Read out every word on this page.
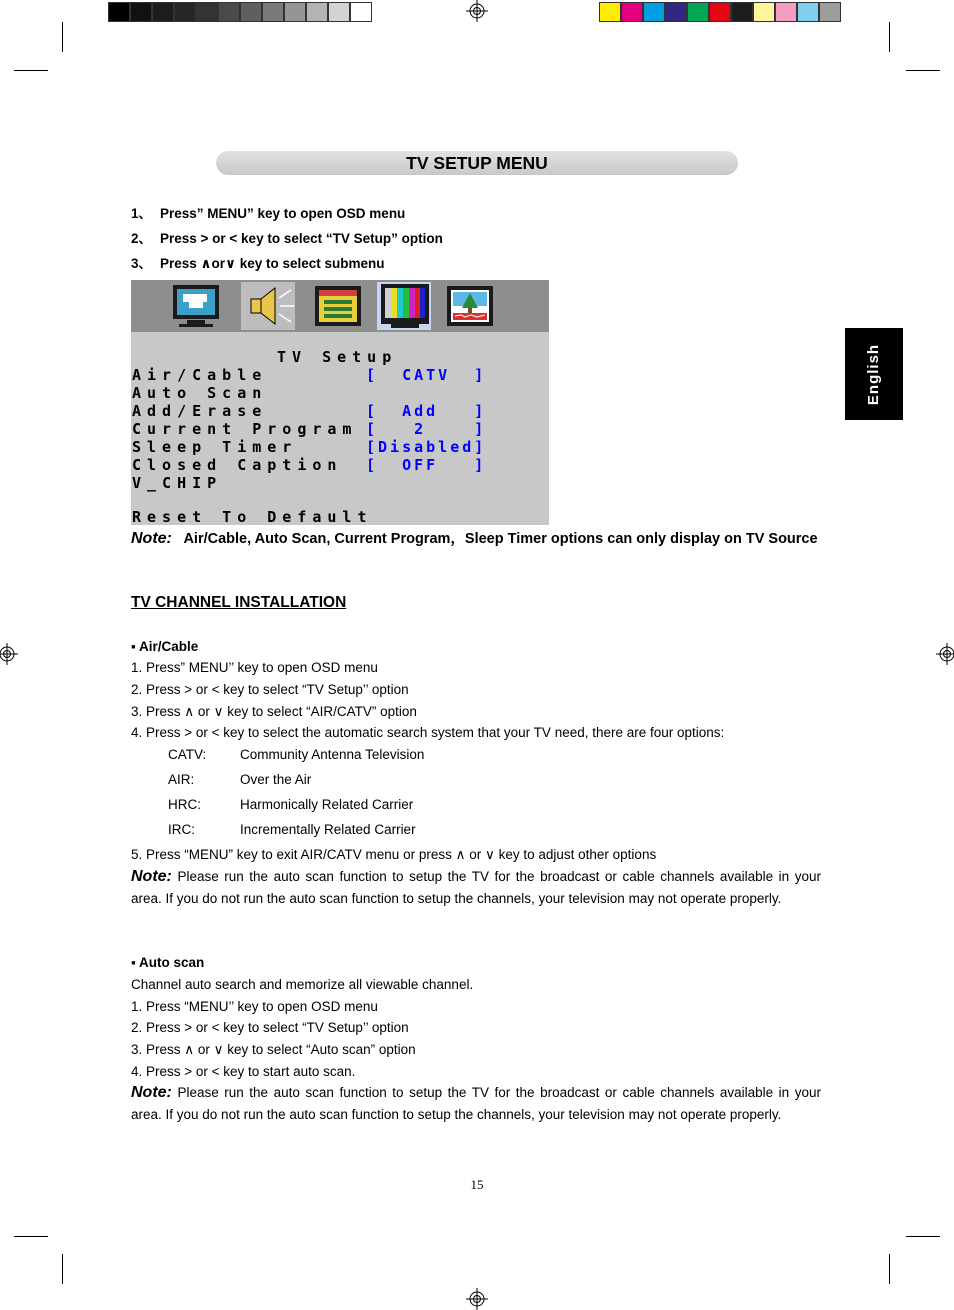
English
TV SETUP MENU
1、 Press” MENU” key to open OSD menu
2、 Press > or < key to select “TV Setup” option
3、 Press ∧or∨ key to select submenu
TV Setup
Air/Cable	[  CATV  ]
Auto Scan
Add/Erase	[  Add   ]
Current Program [   2    ]
Sleep Timer	[Disabled]
Closed Caption [  OFF   ]
V_CHIP
Reset To Default
Note: Air/Cable, Auto Scan, Current Program，Sleep Timer options can only display on TV Source
TV CHANNEL INSTALLATION
▪ Air/Cable
1. Press” MENU’’ key to open OSD menu
2. Press > or < key to select “TV Setup’’ option
3. Press ∧ or ∨ key to select “AIR/CATV” option
4. Press > or < key to select the automatic search system that your TV need, there are four options:
CATV: Community Antenna Television
AIR:	Over the Air
HRC:	Harmonically Related Carrier
IRC:	Incrementally Related Carrier
5. Press “MENU” key to exit AIR/CATV menu or press ∧ or ∨ key to adjust other options
Note: Please run the auto scan function to setup the TV for the broadcast or cable channels available in your area. If you do not run the auto scan function to setup the channels, your television may not operate properly.
▪ Auto scan
Channel auto search and memorize all viewable channel.
1. Press “MENU’’ key to open OSD menu
2. Press > or < key to select “TV Setup’’ option
3. Press ∧ or ∨ key to select “Auto scan” option
4. Press > or < key to start auto scan.
Note: Please run the auto scan function to setup the TV for the broadcast or cable channels available in your area. If you do not run the auto scan function to setup the channels, your television may not operate properly.
15
